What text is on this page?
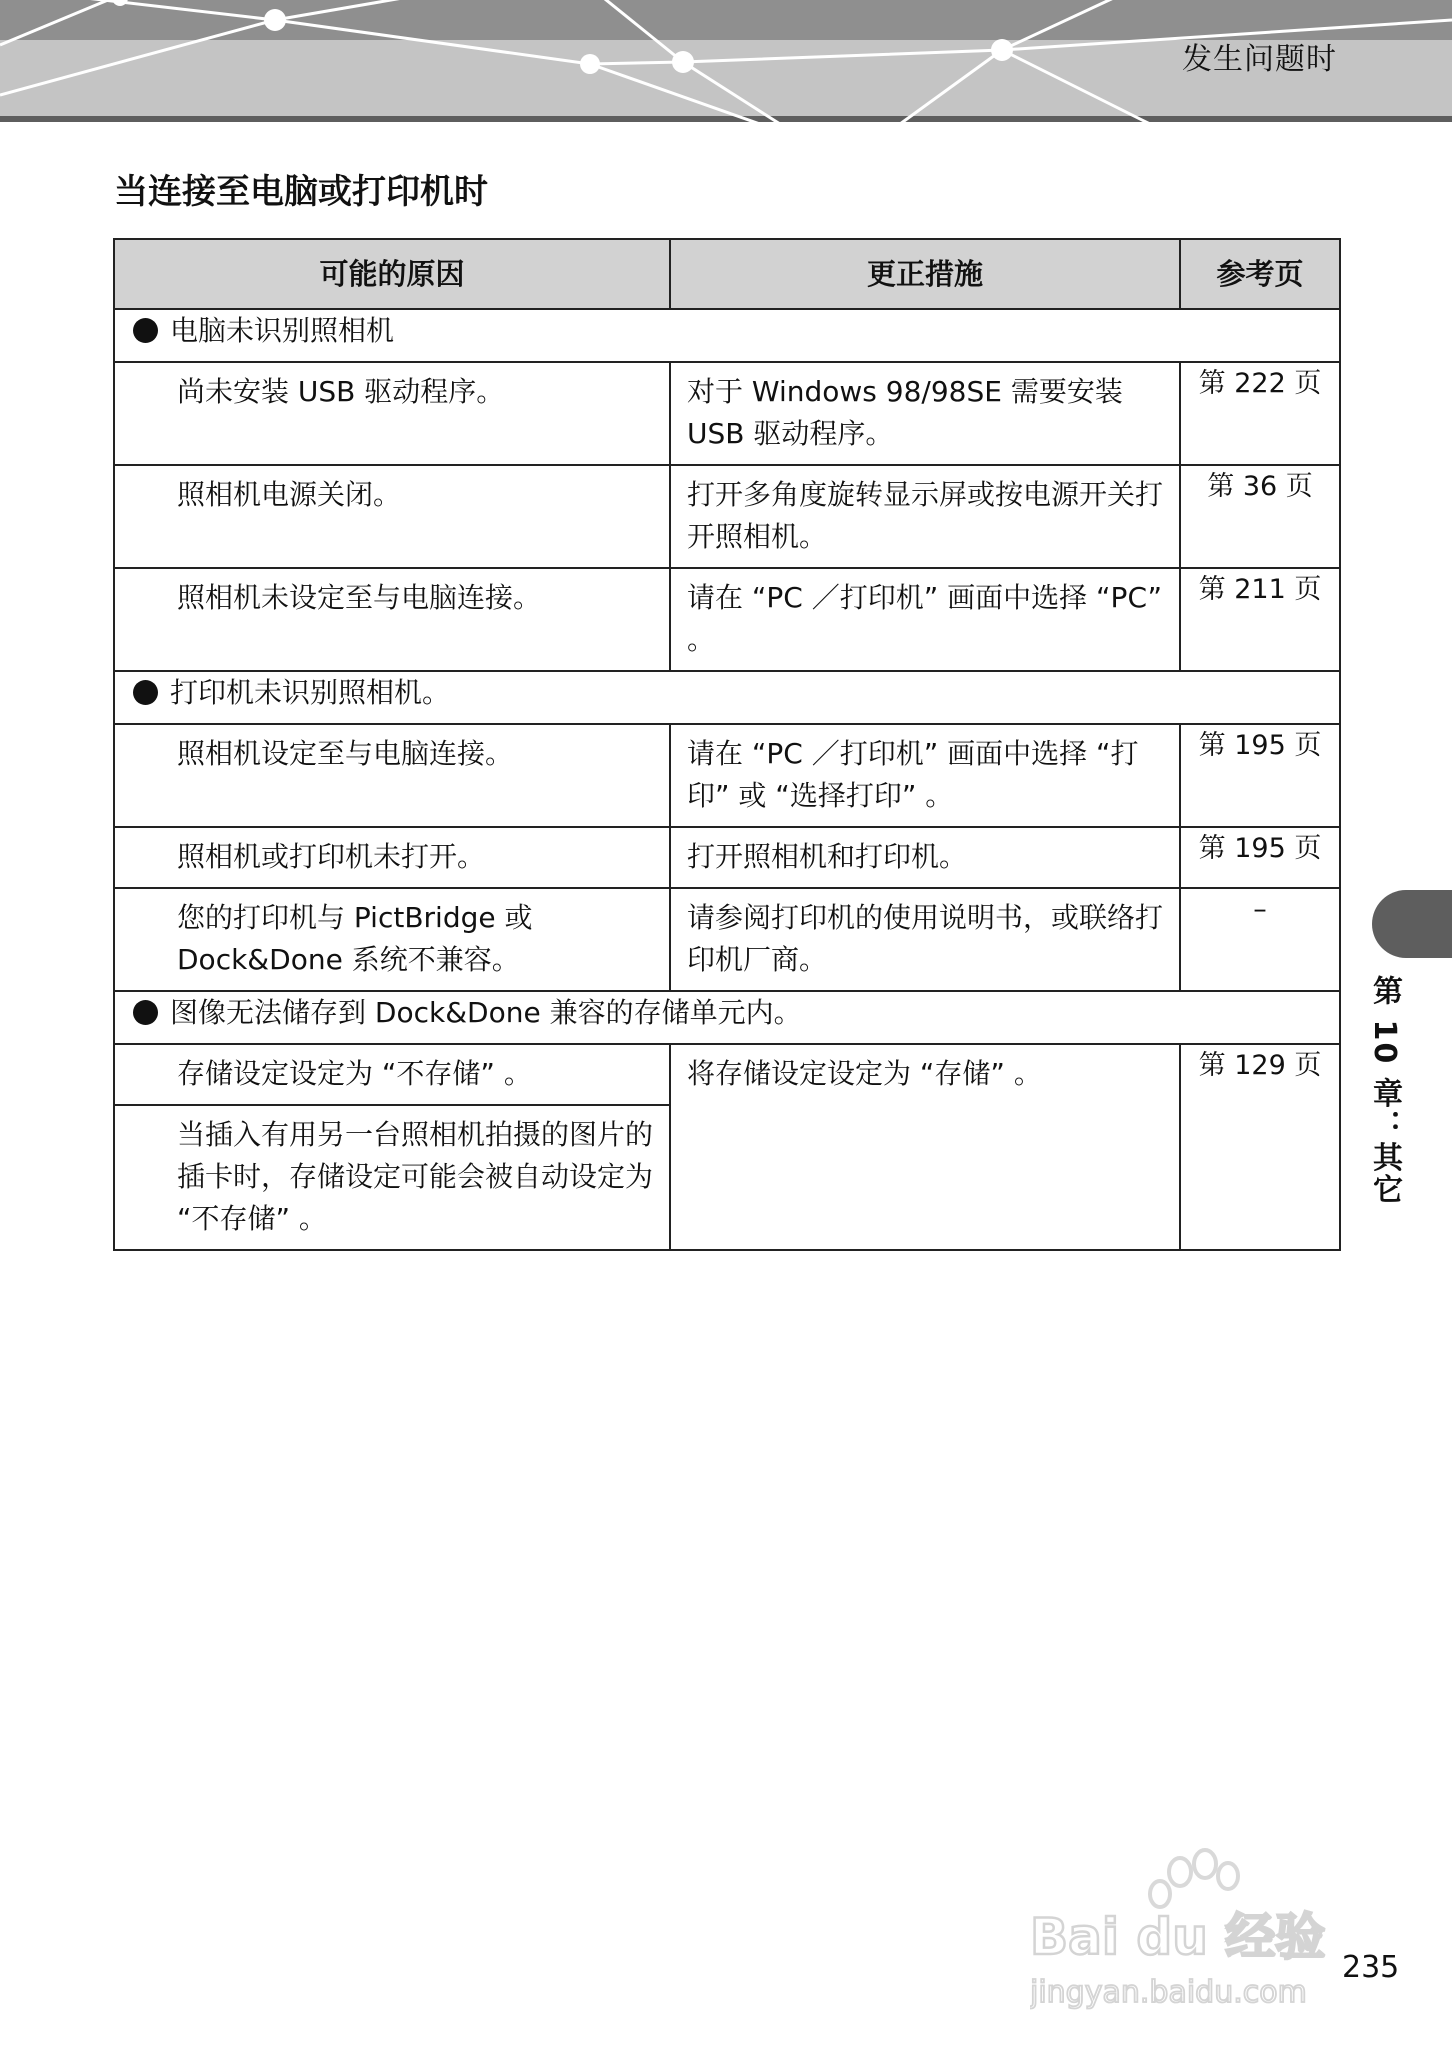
发生问题时
当连接至电脑或打印机时
可能的原因	更正措施	参考页
电脑未识别照相机		
尚未安装 USB 驱动程序。	对于 Windows 98/98SE 需要安装 USB 驱动程序。	第 222 页
照相机电源关闭。	打开多角度旋转显示屏或按电源开关打开照相机。	第 36 页
照相机未设定至与电脑连接。	请在 “PC ／打印机” 画面中选择 “PC” 。	第 211 页
打印机未识别照相机。		
照相机设定至与电脑连接。	请在 “PC ／打印机” 画面中选择 “打印” 或 “选择打印” 。	第 195 页
照相机或打印机未打开。	打开照相机和打印机。	第 195 页
您的打印机与 PictBridge 或 Dock&Done 系统不兼容。	请参阅打印机的使用说明书，或联络打印机厂商。	–
图像无法储存到 Dock&Done 兼容的存储单元内。		
存储设定设定为 “不存储” 。	将存储设定设定为 “存储” 。	第 129 页
当插入有用另一台照相机拍摄的图片的插卡时，存储设定可能会被自动设定为 “不存储” 。		
第 10 章：其它
Bai du 经验
jingyan.baidu.com
235
